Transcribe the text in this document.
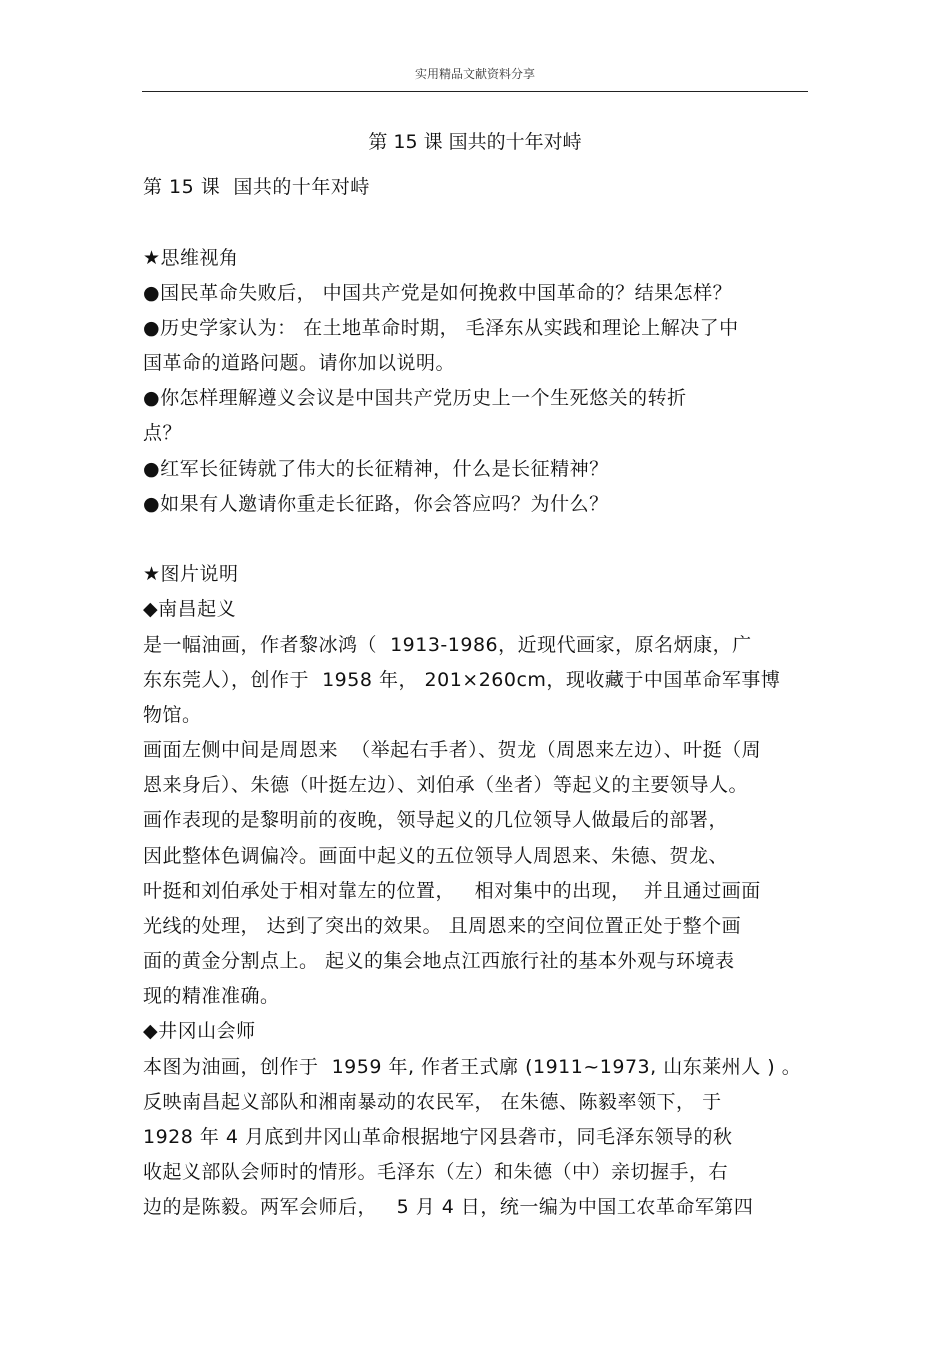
实用精品文献资料分享
第 15 课 国共的十年对峙
第 15 课  国共的十年对峙
★思维视角
●国民革命失败后， 中国共产党是如何挽救中国革命的？结果怎样？
●历史学家认为： 在土地革命时期， 毛泽东从实践和理论上解决了中
国革命的道路问题。请你加以说明。
●你怎样理解遵义会议是中国共产党历史上一个生死悠关的转折
点？
●红军长征铸就了伟大的长征精神，什么是长征精神？
●如果有人邀请你重走长征路，你会答应吗？为什么？
★图片说明
◆南昌起义
是一幅油画，作者黎冰鸿（  1913-1986，近现代画家，原名炳康，广
东东莞人），创作于  1958 年， 201×260cm，现收藏于中国革命军事博
物馆。
画面左侧中间是周恩来  （举起右手者）、贺龙（周恩来左边）、叶挺（周
恩来身后）、朱德（叶挺左边）、刘伯承（坐者）等起义的主要领导人。
画作表现的是黎明前的夜晚，领导起义的几位领导人做最后的部署，
因此整体色调偏冷。画面中起义的五位领导人周恩来、朱德、贺龙、
叶挺和刘伯承处于相对靠左的位置，   相对集中的出现，  并且通过画面
光线的处理， 达到了突出的效果。 且周恩来的空间位置正处于整个画
面的黄金分割点上。 起义的集会地点江西旅行社的基本外观与环境表
现的精准准确。
◆井冈山会师
本图为油画，创作于  1959 年, 作者王式廓 (1911~1973, 山东莱州人 ) 。
反映南昌起义部队和湘南暴动的农民军， 在朱德、陈毅率领下， 于
1928 年 4 月底到井冈山革命根据地宁冈县砻市，同毛泽东领导的秋
收起义部队会师时的情形。毛泽东（左）和朱德（中）亲切握手，右
边的是陈毅。两军会师后，   5 月 4 日，统一编为中国工农革命军第四
